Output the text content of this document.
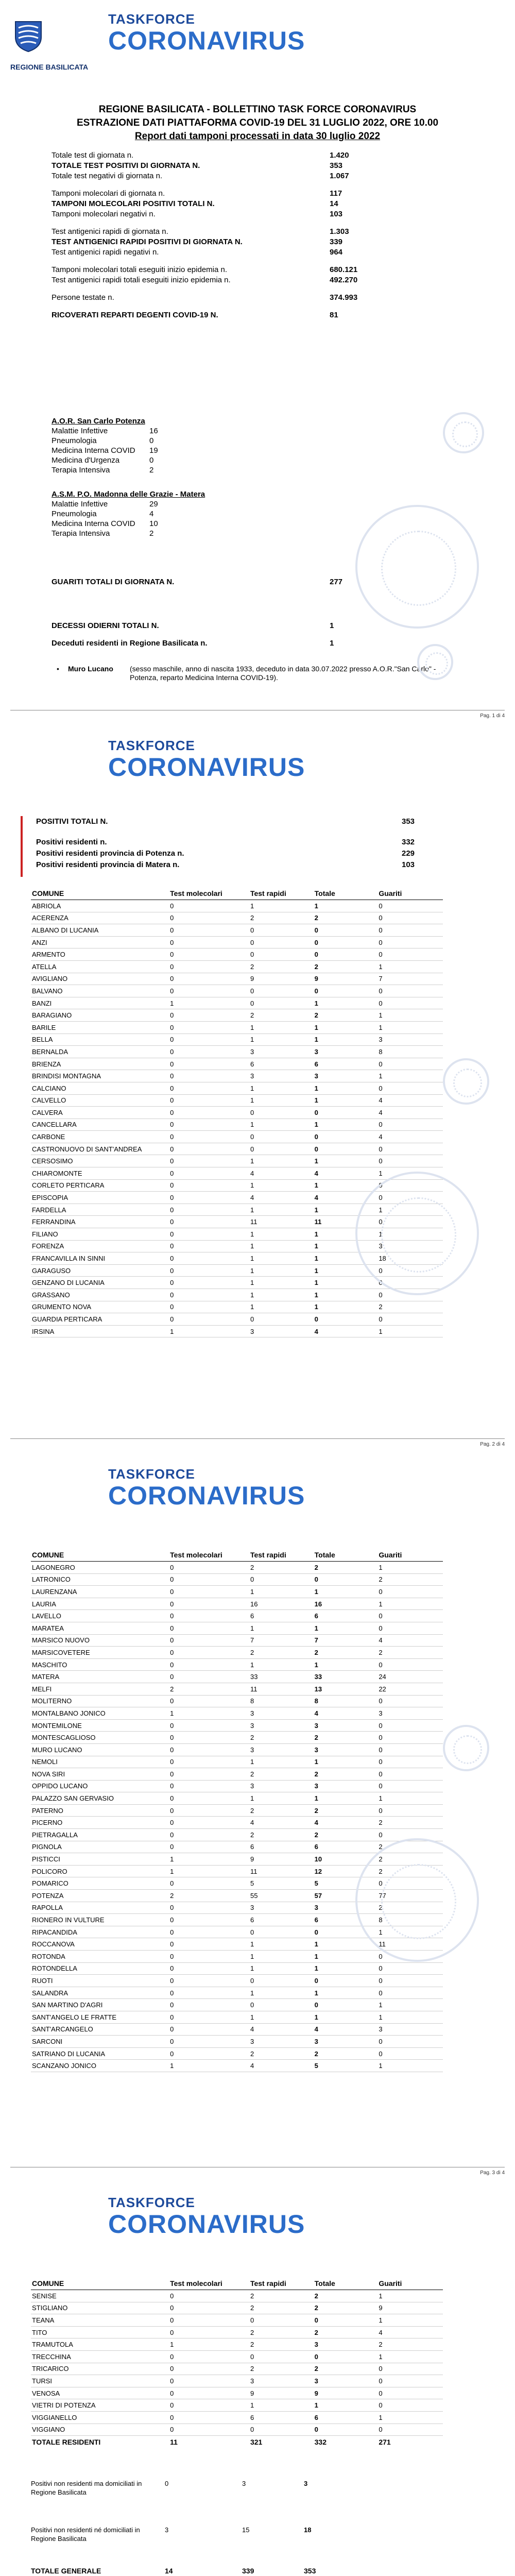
REGIONE BASILICATA
TASKFORCE
CORONAVIRUS
REGIONE BASILICATA - BOLLETTINO TASK FORCE CORONAVIRUS
ESTRAZIONE DATI PIATTAFORMA COVID-19 DEL 31 LUGLIO 2022, ORE 10.00
Report dati tamponi processati in data 30 luglio 2022
Totale test di giornata n.	1.420
TOTALE TEST POSITIVI DI GIORNATA N.	353
Totale test negativi di giornata n.	1.067
Tamponi molecolari di giornata n.	117
TAMPONI MOLECOLARI POSITIVI TOTALI N.	14
Tamponi molecolari negativi n.	103
Test antigenici rapidi di giornata n.	1.303
TEST ANTIGENICI RAPIDI POSITIVI DI GIORNATA N.	339
Test antigenici rapidi negativi n.	964
Tamponi molecolari totali eseguiti inizio epidemia n.	680.121
Test antigenici rapidi totali eseguiti inizio epidemia n.	492.270
Persone testate n.	374.993
RICOVERATI REPARTI DEGENTI COVID-19 N.	81
A.O.R. San Carlo Potenza
Malattie Infettive	16
Pneumologia	0
Medicina Interna COVID	19
Medicina d'Urgenza	0
Terapia Intensiva	2
A.S.M. P.O. Madonna delle Grazie - Matera
Malattie Infettive	29
Pneumologia	4
Medicina Interna COVID	10
Terapia Intensiva	2
GUARITI TOTALI DI GIORNATA N.	277
DECESSI ODIERNI TOTALI N.	1
Deceduti residenti in Regione Basilicata n.	1
•	Muro Lucano	(sesso maschile, anno di nascita 1933, deceduto in data 30.07.2022 presso A.O.R."San Carlo" - Potenza, reparto Medicina Interna COVID-19).
Pag. 1 di 4
TASKFORCE
CORONAVIRUS
POSITIVI TOTALI N.	353
Positivi residenti n.	332
Positivi residenti provincia di Potenza n.	229
Positivi residenti provincia di Matera n.	103
COMUNE	Test molecolari	Test rapidi	Totale	Guariti
ABRIOLA	0	1	1	0
ACERENZA	0	2	2	0
ALBANO DI LUCANIA	0	0	0	0
ANZI	0	0	0	0
ARMENTO	0	0	0	0
ATELLA	0	2	2	1
AVIGLIANO	0	9	9	7
BALVANO	0	0	0	0
BANZI	1	0	1	0
BARAGIANO	0	2	2	1
BARILE	0	1	1	1
BELLA	0	1	1	3
BERNALDA	0	3	3	8
BRIENZA	0	6	6	0
BRINDISI MONTAGNA	0	3	3	1
CALCIANO	0	1	1	0
CALVELLO	0	1	1	4
CALVERA	0	0	0	4
CANCELLARA	0	1	1	0
CARBONE	0	0	0	4
CASTRONUOVO DI SANT'ANDREA	0	0	0	0
CERSOSIMO	0	1	1	0
CHIAROMONTE	0	4	4	1
CORLETO PERTICARA	0	1	1	0
EPISCOPIA	0	4	4	0
FARDELLA	0	1	1	1
FERRANDINA	0	11	11	0
FILIANO	0	1	1	1
FORENZA	0	1	1	3
FRANCAVILLA IN SINNI	0	1	1	18
GARAGUSO	0	1	1	0
GENZANO DI LUCANIA	0	1	1	0
GRASSANO	0	1	1	0
GRUMENTO NOVA	0	1	1	2
GUARDIA PERTICARA	0	0	0	0
IRSINA	1	3	4	1
Pag. 2 di 4
TASKFORCE
CORONAVIRUS
COMUNE	Test molecolari	Test rapidi	Totale	Guariti
LAGONEGRO	0	2	2	1
LATRONICO	0	0	0	2
LAURENZANA	0	1	1	0
LAURIA	0	16	16	1
LAVELLO	0	6	6	0
MARATEA	0	1	1	0
MARSICO NUOVO	0	7	7	4
MARSICOVETERE	0	2	2	2
MASCHITO	0	1	1	0
MATERA	0	33	33	24
MELFI	2	11	13	22
MOLITERNO	0	8	8	0
MONTALBANO JONICO	1	3	4	3
MONTEMILONE	0	3	3	0
MONTESCAGLIOSO	0	2	2	0
MURO LUCANO	0	3	3	0
NEMOLI	0	1	1	0
NOVA SIRI	0	2	2	0
OPPIDO LUCANO	0	3	3	0
PALAZZO SAN GERVASIO	0	1	1	1
PATERNO	0	2	2	0
PICERNO	0	4	4	2
PIETRAGALLA	0	2	2	0
PIGNOLA	0	6	6	2
PISTICCI	1	9	10	2
POLICORO	1	11	12	2
POMARICO	0	5	5	0
POTENZA	2	55	57	77
RAPOLLA	0	3	3	2
RIONERO IN VULTURE	0	6	6	8
RIPACANDIDA	0	0	0	1
ROCCANOVA	0	1	1	11
ROTONDA	0	1	1	0
ROTONDELLA	0	1	1	0
RUOTI	0	0	0	0
SALANDRA	0	1	1	0
SAN MARTINO D'AGRI	0	0	0	1
SANT'ANGELO LE FRATTE	0	1	1	1
SANT'ARCANGELO	0	4	4	3
SARCONI	0	3	3	0
SATRIANO DI LUCANIA	0	2	2	0
SCANZANO JONICO	1	4	5	1
Pag. 3 di 4
TASKFORCE
CORONAVIRUS
COMUNE	Test molecolari	Test rapidi	Totale	Guariti
SENISE	0	2	2	1
STIGLIANO	0	2	2	9
TEANA	0	0	0	1
TITO	0	2	2	4
TRAMUTOLA	1	2	3	2
TRECCHINA	0	0	0	1
TRICARICO	0	2	2	0
TURSI	0	3	3	0
VENOSA	0	9	9	0
VIETRI DI POTENZA	0	1	1	0
VIGGIANELLO	0	6	6	1
VIGGIANO	0	0	0	0
TOTALE RESIDENTI	11	321	332	271
Positivi non residenti ma domiciliati in Regione Basilicata
0	3	3
Positivi non residenti né domiciliati in Regione Basilicata
3	15	18
TOTALE GENERALE	14	339	353
